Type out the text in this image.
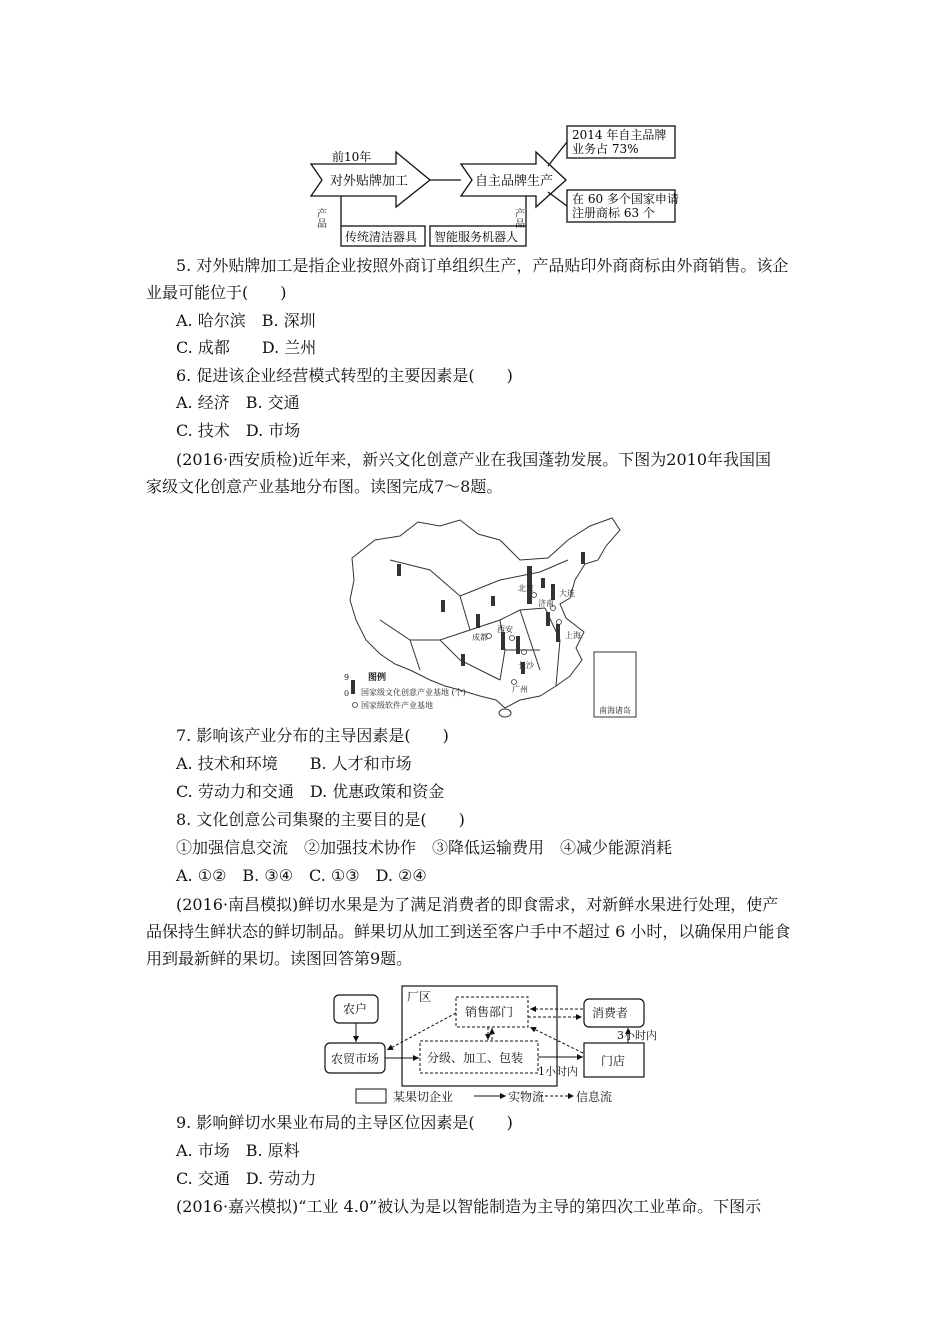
前10年
对外贴牌加工	自主品牌生产
2014 年自主品牌
业务占 73%
在 60 多个国家申请
注册商标 63 个
产品	产品
传统清洁器具 智能服务机器人
5. 对外贴牌加工是指企业按照外商订单组织生产，产品贴印外商商标由外商销售。该企
业最可能位于(　　)
A. 哈尔滨　B. 深圳
C. 成都　　D. 兰州
6. 促进该企业经营模式转型的主要因素是(　　)
A. 经济　B. 交通
C. 技术　D. 市场
(2016·西安质检)近年来，新兴文化创意产业在我国蓬勃发展。下图为2010年我国国
家级文化创意产业基地分布图。读图完成7～8题。
北京
大连
济南
上海
成都
西安
长沙
广州
南海诸岛
9
0
图例
国家级文化创意产业基地 (个)
国家级软件产业基地
7. 影响该产业分布的主导因素是(　　)
A. 技术和环境　　B. 人才和市场
C. 劳动力和交通　D. 优惠政策和资金
8. 文化创意公司集聚的主要目的是(　　)
①加强信息交流　②加强技术协作　③降低运输费用　④减少能源消耗
A. ①②　B. ③④　C. ①③　D. ②④
(2016·南昌模拟)鲜切水果是为了满足消费者的即食需求，对新鲜水果进行处理，使产
品保持生鲜状态的鲜切制品。鲜果切从加工到送至客户手中不超过 6 小时，以确保用户能食
用到最新鲜的果切。读图回答第9题。
农户
农贸市场
厂区
销售部门
分级、加工、包装
消费者
门店
3小时内
1小时内
某果切企业	实物流	信息流
9. 影响鲜切水果业布局的主导区位因素是(　　)
A. 市场　B. 原料
C. 交通　D. 劳动力
(2016·嘉兴模拟)“工业 4.0”被认为是以智能制造为主导的第四次工业革命。下图示
